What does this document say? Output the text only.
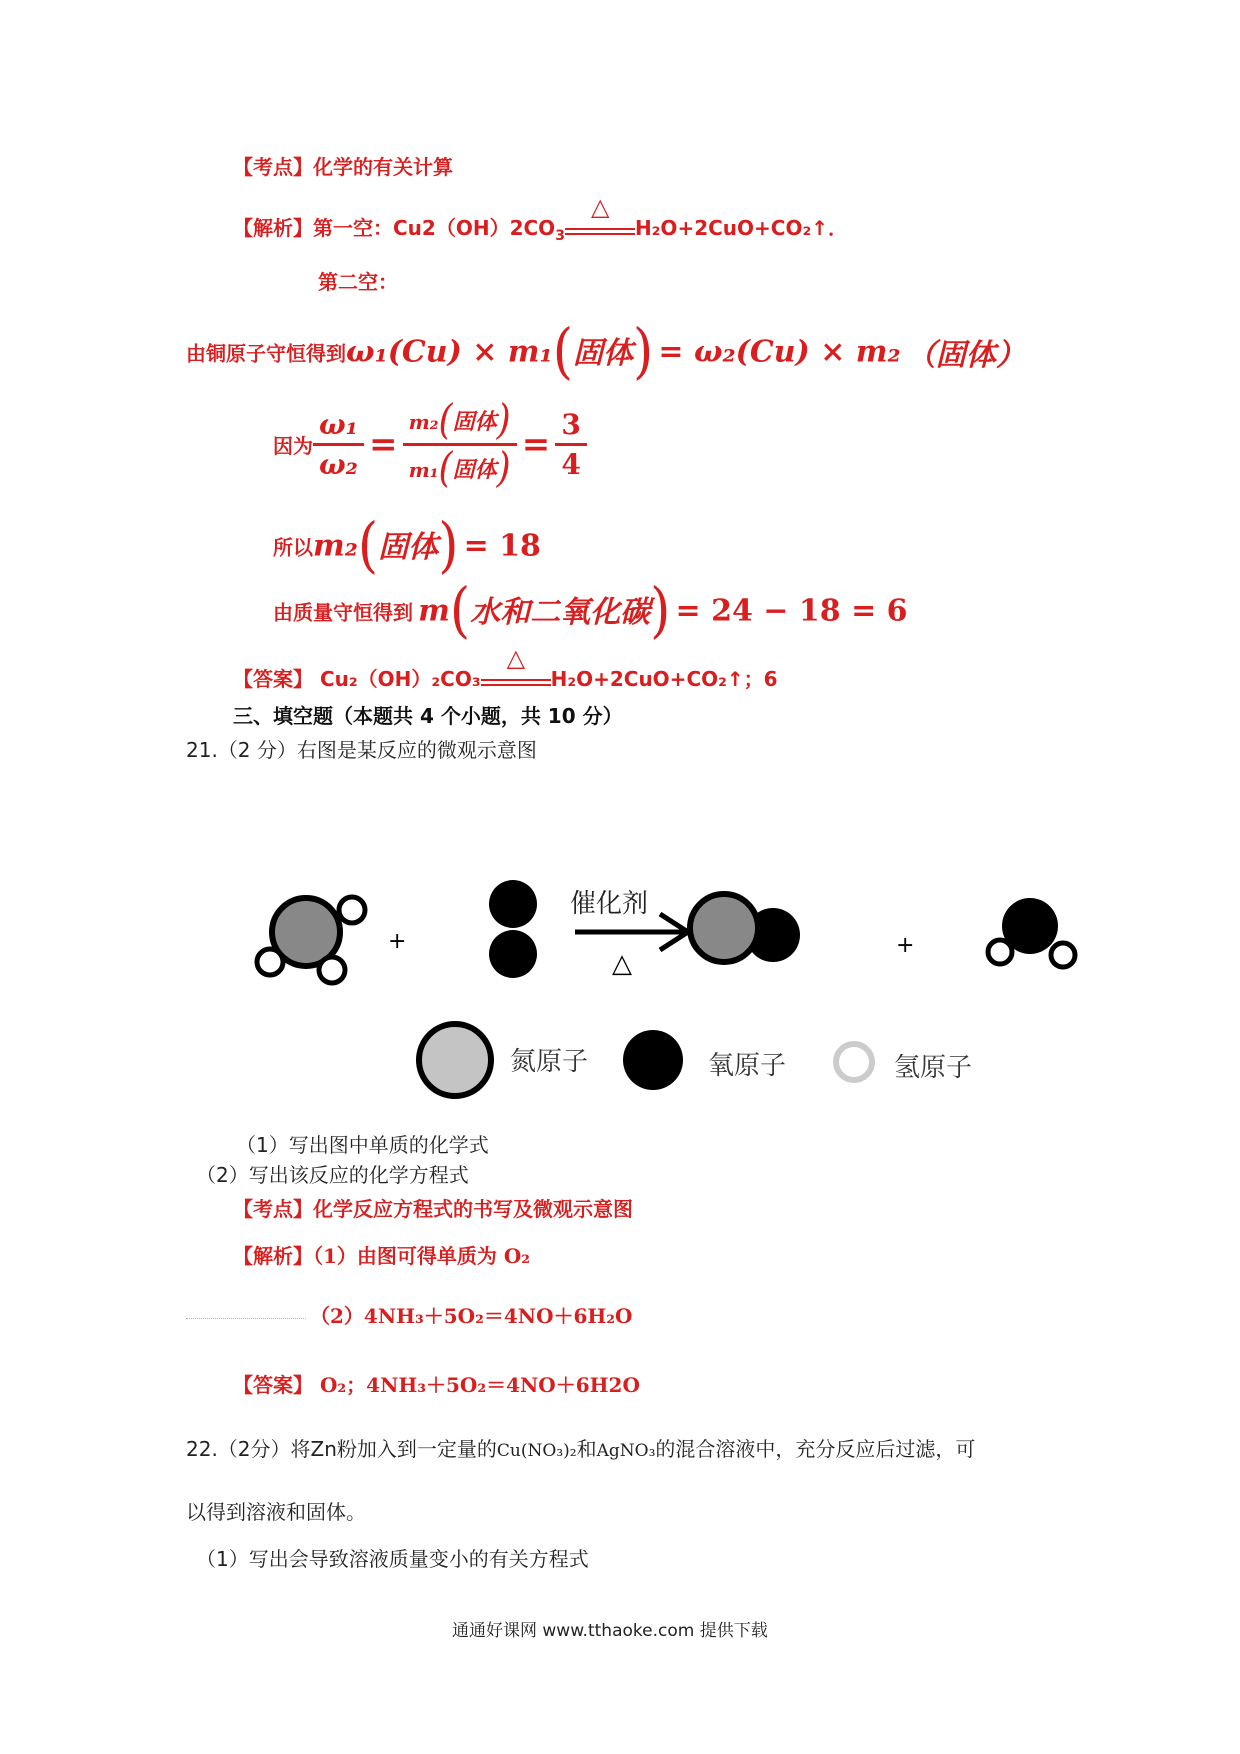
【考点】化学的有关计算
【解析】第一空：$Cu2(OH)2CO_3$
△
H₂O+2CuO+CO₂↑．
第二空：
由铜原子守恒得到ω₁(Cu) × m₁(固体) = ω₂(Cu) × m₂ （固体）
因为 $\frac{\text{ω₁}}{\text{ω₂}} = \frac{\text{m₂(固体)}}{\text{m₁(固体)}} = \frac{3}{4}$
所以m₂(固体) = 18
由质量守恒得到 m(水和二氧化碳) = 24 − 18 = 6
【答案】 Cu₂（OH）₂CO₃
△
H₂O+2CuO+CO₂↑；6
三、填空题（本题共 4 个小题，共 10 分）
21.（2 分）右图是某反应的微观示意图
+
催化剂
△
+
氮原子	氧原子	氢原子
（1）写出图中单质的化学式
（2）写出该反应的化学方程式
【考点】化学反应方程式的书写及微观示意图
【解析】（1）由图可得单质为 O₂
（2）4NH₃＋5O₂＝4NO＋6H₂O
【答案】 O₂；4NH₃＋5O₂＝4NO＋6H2O
22.（2分）将Zn粉加入到一定量的Cu(NO₃)₂和AgNO₃的混合溶液中，充分反应后过滤，可
以得到溶液和固体。
（1）写出会导致溶液质量变小的有关方程式
通通好课网 www.tthaoke.com 提供下载
